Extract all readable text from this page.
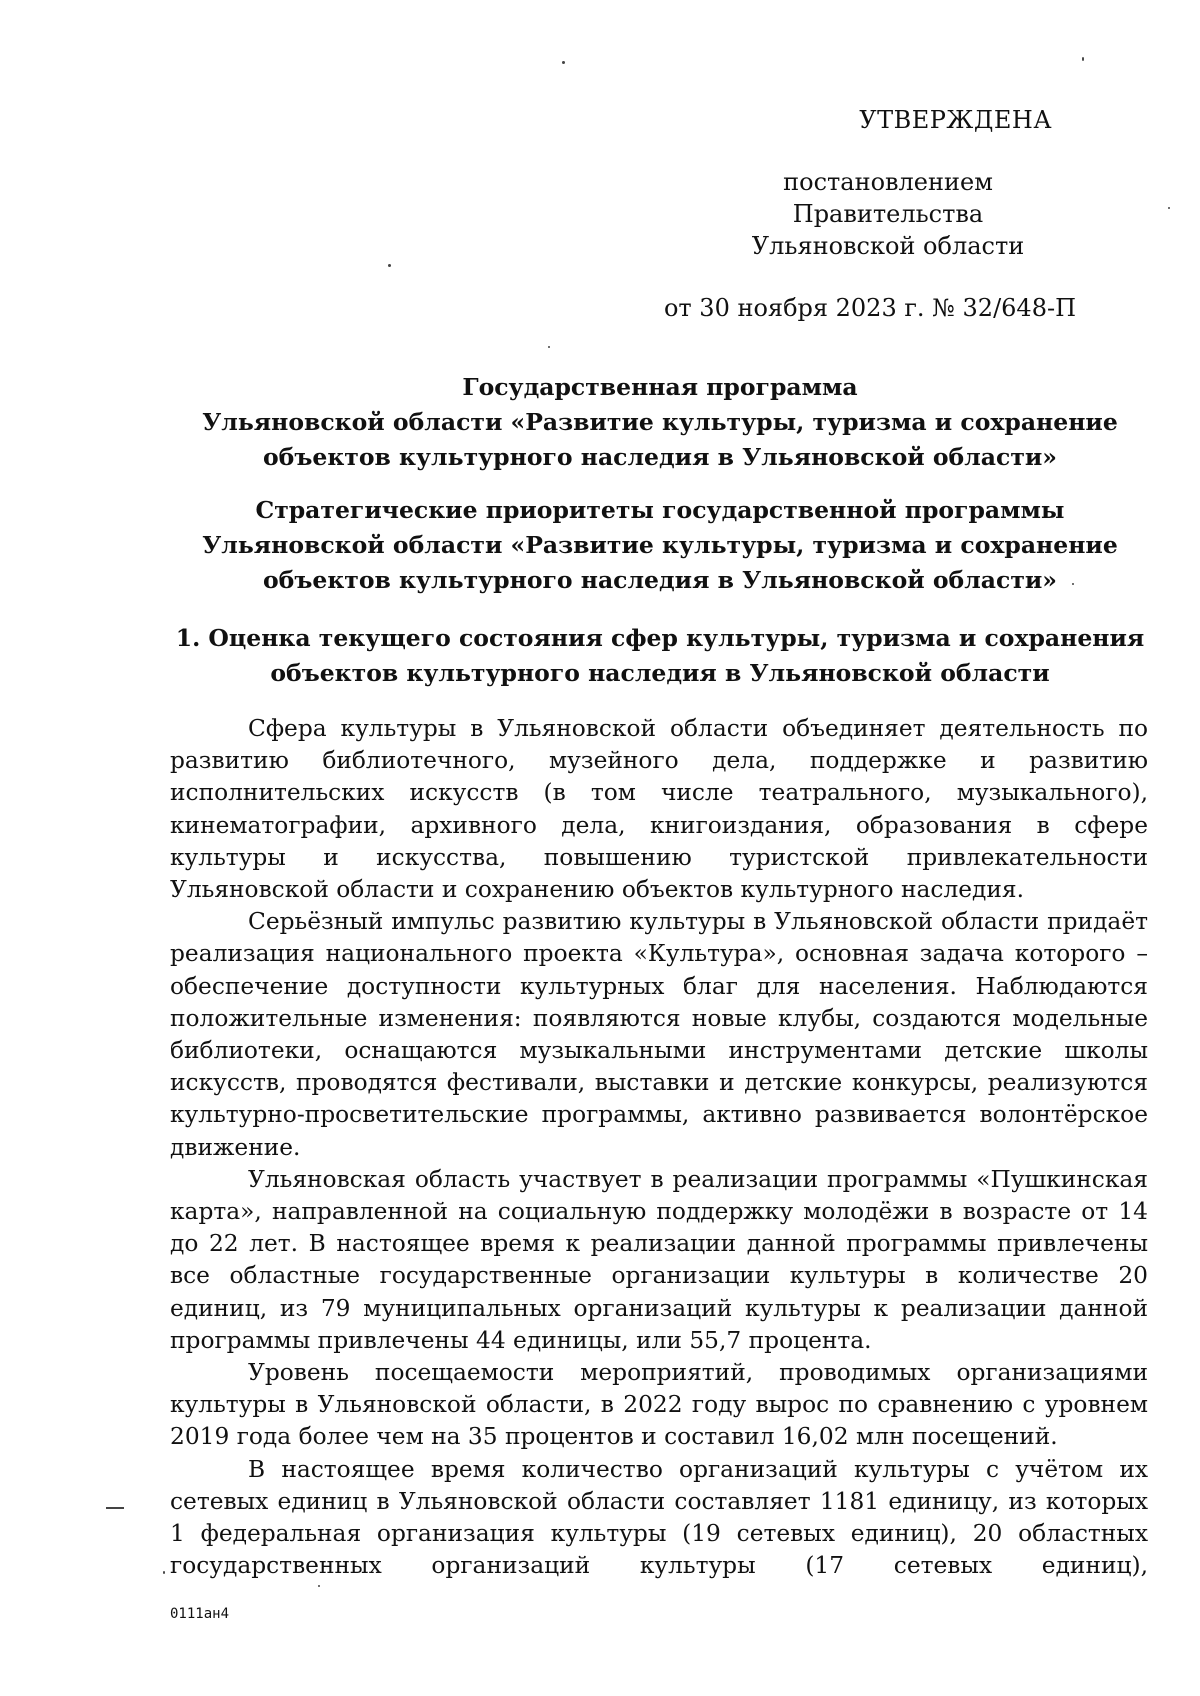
УТВЕРЖДЕНА
постановлением Правительства
Ульяновской области
от 30 ноября 2023 г. № 32/648-П
Государственная программа
Ульяновской области «Развитие культуры, туризма и сохранение
объектов культурного наследия в Ульяновской области»
Стратегические приоритеты государственной программы
Ульяновской области «Развитие культуры, туризма и сохранение
объектов культурного наследия в Ульяновской области»
1. Оценка текущего состояния сфер культуры, туризма и сохранения
объектов культурного наследия в Ульяновской области

Сфера культуры в Ульяновской области объединяет деятельность по развитию библиотечного, музейного дела, поддержке и развитию исполнительских искусств (в том числе театрального, музыкального), кинематографии, архивного дела, книгоиздания, образования в сфере культуры и искусства, повышению туристской привлекательности Ульяновской области и сохранению объектов культурного наследия.

Серьёзный импульс развитию культуры в Ульяновской области придаёт реализация национального проекта «Культура», основная задача которого – обеспечение доступности культурных благ для населения. Наблюдаются положительные изменения: появляются новые клубы, создаются модельные библиотеки, оснащаются музыкальными инструментами детские школы искусств, проводятся фестивали, выставки и детские конкурсы, реализуются культурно-просветительские программы, активно развивается волонтёрское движение.

Ульяновская область участвует в реализации программы «Пушкинская карта», направленной на социальную поддержку молодёжи в возрасте от 14 до 22 лет. В настоящее время к реализации данной программы привлечены все областные государственные организации культуры в количестве 20 единиц, из 79 муниципальных организаций культуры к реализации данной программы привлечены 44 единицы, или 55,7 процента.

Уровень посещаемости мероприятий, проводимых организациями культуры в Ульяновской области, в 2022 году вырос по сравнению с уровнем 2019 года более чем на 35 процентов и составил 16,02 млн посещений.

В настоящее время количество организаций культуры с учётом их сетевых единиц в Ульяновской области составляет 1181 единицу, из которых 1 федеральная организация культуры (19 сетевых единиц), 20 областных государственных организаций культуры (17 сетевых единиц),

0111ан4
